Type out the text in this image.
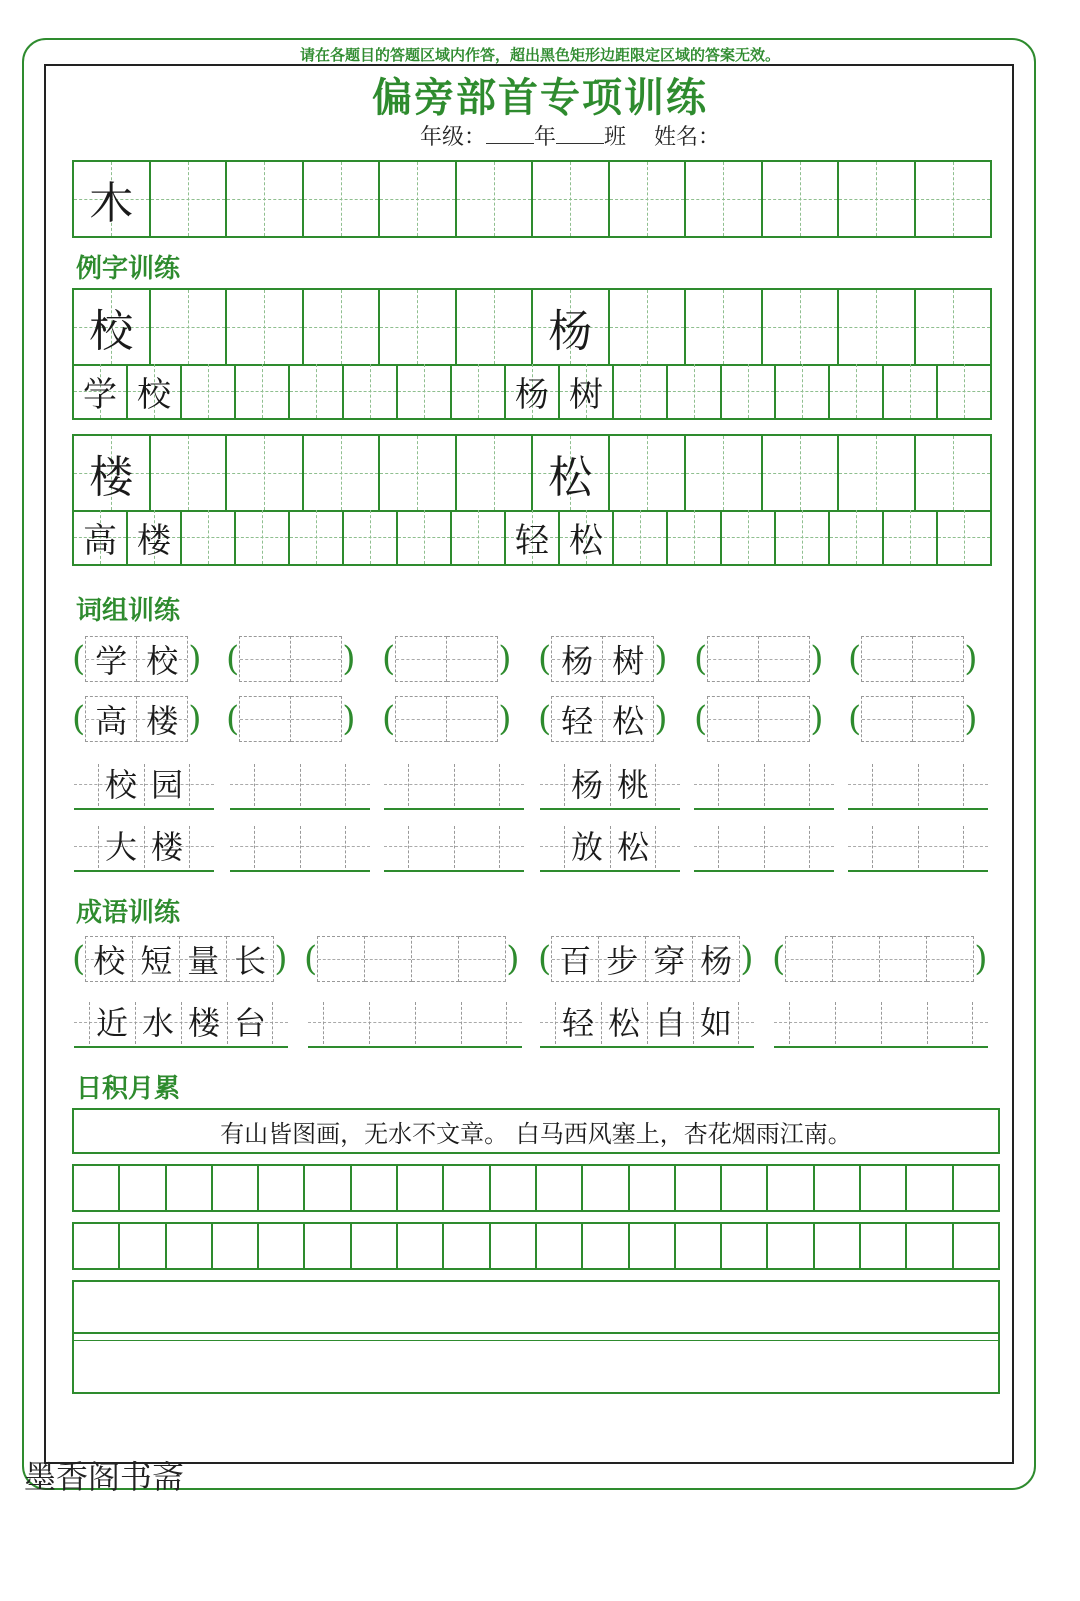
请在各题目的答题区域内作答，超出黑色矩形边距限定区域的答案无效。
偏旁部首专项训练
年级： 年 班 姓名：
木
例字训练
校	杨
学 校	杨 树
楼	松
高 楼	轻 松
词组训练
( 学 校 ) (	) (	) ( 杨 树 ) (	) (	)
( 高 楼 ) (	) (	) ( 轻 松 ) (	) (	)
校 园	杨 桃
大 楼	放 松
成语训练
( 校 短 量 长 ) (	) ( 百 步 穿 杨 ) (	)
近 水 楼 台	轻 松 自 如
日积月累
有山皆图画，无水不文章。 白马西风塞上，杏花烟雨江南。
墨香阁书斋
